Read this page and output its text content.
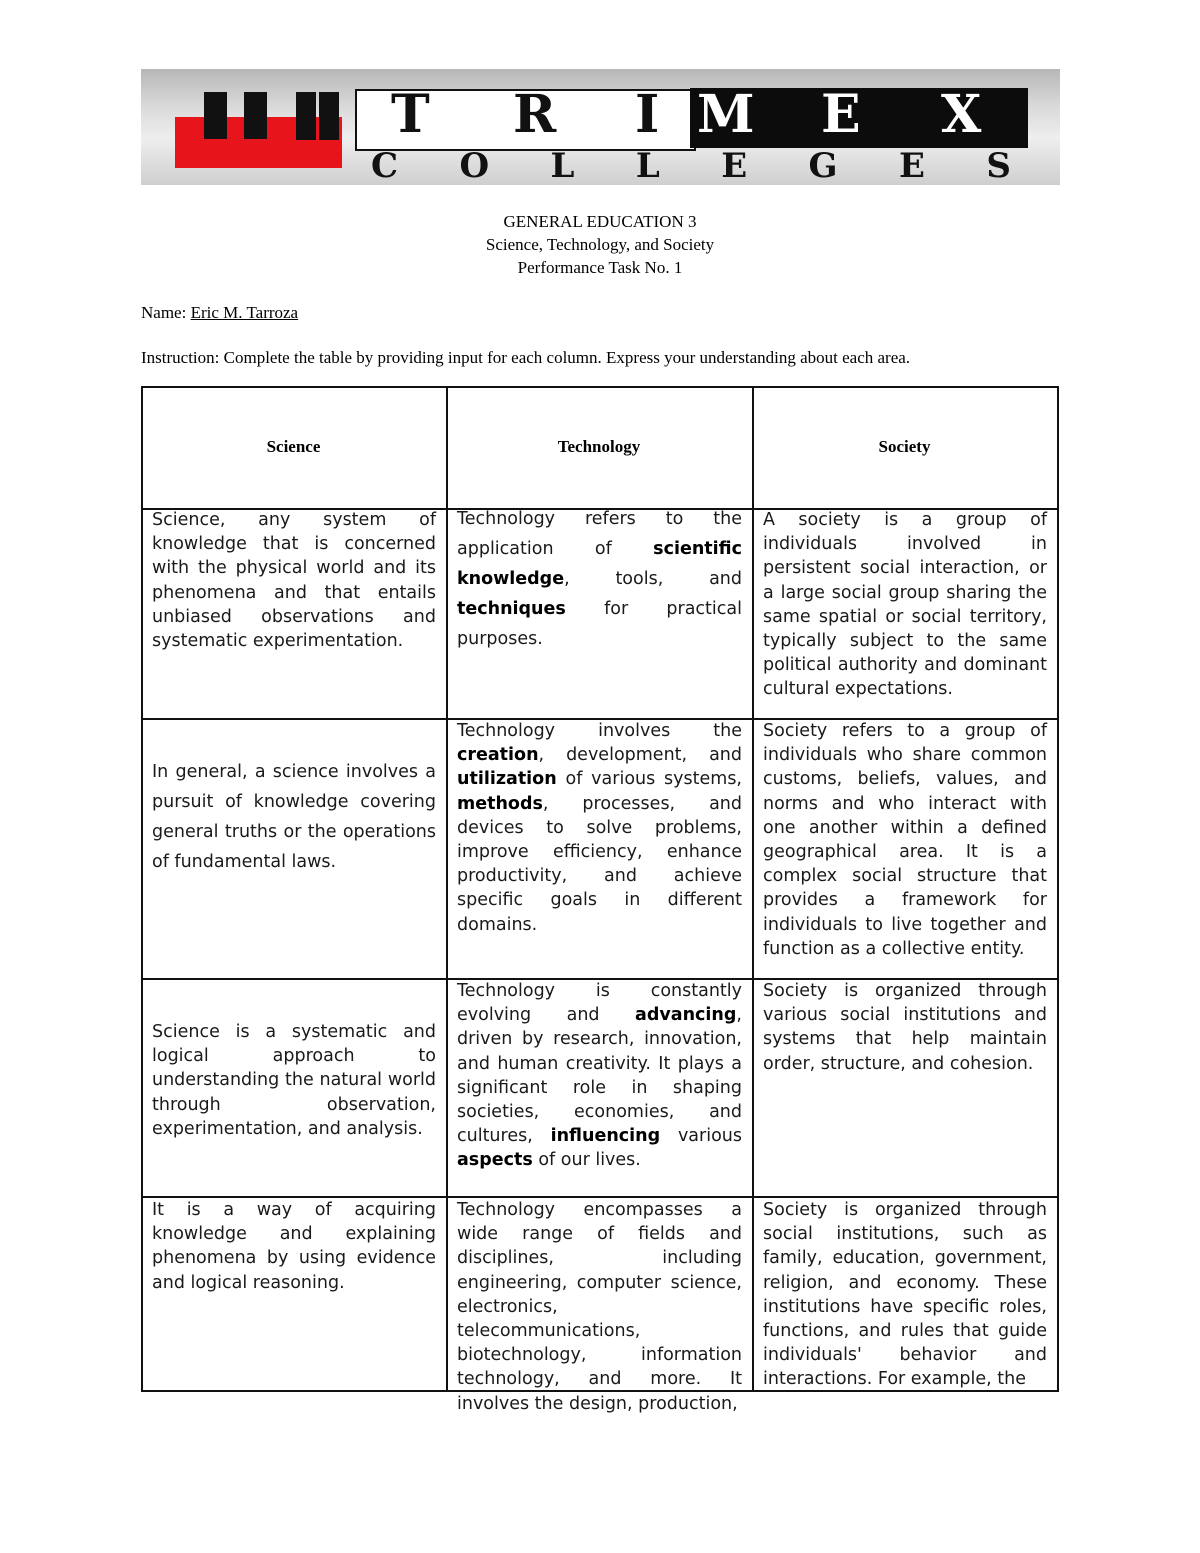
T R I M E X
C O L L E G E S
GENERAL EDUCATION 3
Science, Technology, and Society
Performance Task No. 1
Name: Eric M. Tarroza
Instruction: Complete the table by providing input for each column. Express your understanding about each area.
Science	Technology	Society
Science, any system of knowledge that is concerned with the physical world and its phenomena and that entails unbiased observations and systematic experimentation.
Technology refers to the application of scientific knowledge, tools, and techniques for practical purposes.
A society is a group of individuals involved in persistent social interaction, or a large social group sharing the same spatial or social territory, typically subject to the same political authority and dominant cultural expectations.
In general, a science involves a pursuit of knowledge covering general truths or the operations of fundamental laws.
Technology involves the creation, development, and utilization of various systems, methods, processes, and devices to solve problems, improve efficiency, enhance productivity, and achieve specific goals in different domains.
Society refers to a group of individuals who share common customs, beliefs, values, and norms and who interact with one another within a defined geographical area. It is a complex social structure that provides a framework for individuals to live together and function as a collective entity.
Science is a systematic and logical approach to understanding the natural world through observation, experimentation, and analysis.
Technology is constantly evolving and advancing, driven by research, innovation, and human creativity. It plays a significant role in shaping societies, economies, and cultures, influencing various aspects of our lives.
Society is organized through various social institutions and systems that help maintain order, structure, and cohesion.
It is a way of acquiring knowledge and explaining phenomena by using evidence and logical reasoning.
Technology encompasses a wide range of fields and disciplines, including engineering, computer science, electronics, telecommunications, biotechnology, information technology, and more. It involves the design, production,
Society is organized through social institutions, such as family, education, government, religion, and economy. These institutions have specific roles, functions, and rules that guide individuals' behavior and interactions. For example, the
